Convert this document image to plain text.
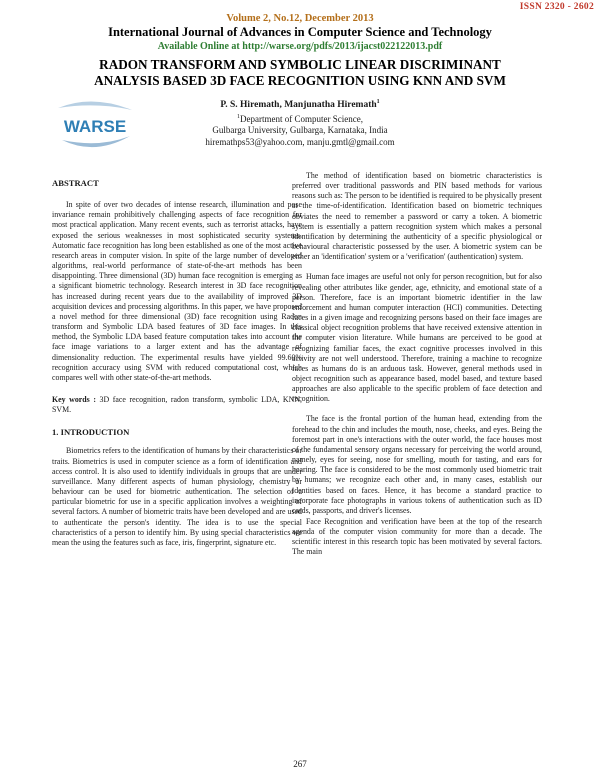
ISSN 2320 - 2602
Volume 2, No.12, December 2013
International Journal of Advances in Computer Science and Technology
Available Online at http://warse.org/pdfs/2013/ijacst022122013.pdf
RADON TRANSFORM AND SYMBOLIC LINEAR DISCRIMINANT
ANALYSIS BASED 3D FACE RECOGNITION USING KNN AND SVM
WARSE
P. S. Hiremath, Manjunatha Hiremath$^1$
$^1$Department of Computer Science,
Gulbarga University, Gulbarga, Karnataka, India
hiremathps53@yahoo.com, manju.gmtl@gmail.com
ABSTRACT

In spite of over two decades of intense research, illumination and pose invariance remain prohibitively challenging aspects of face recognition for most practical application. Many recent events, such as terrorist attacks, have exposed the serious weaknesses in most sophisticated security systems. Automatic face recognition has long been established as one of the most active research areas in computer vision. In spite of the large number of developed algorithms, real-world performance of state-of-the-art methods has been disappointing. Three dimensional (3D) human face recognition is emerging as a significant biometric technology. Research interest in 3D face recognition has increased during recent years due to the availability of improved 3D acquisition devices and processing algorithms. In this paper, we have proposed a novel method for three dimensional (3D) face recognition using Radon transform and Symbolic LDA based features of 3D face images. In this method, the Symbolic LDA based feature computation takes into account the face image variations to a larger extent and has the advantage of dimensionality reduction. The experimental results have yielded 99.60% recognition accuracy using SVM with reduced computational cost, which compares well with other state-of-the-art methods.

Key words : 3D face recognition, radon transform, symbolic LDA, KNN, SVM.

1. INTRODUCTION

Biometrics refers to the identification of humans by their characteristics or traits. Biometrics is used in computer science as a form of identification and access control. It is also used to identify individuals in groups that are under surveillance. Many different aspects of human physiology, chemistry or behaviour can be used for biometric authentication. The selection of a particular biometric for use in a specific application involves a weighting of several factors. A number of biometric traits have been developed and are used to authenticate the person's identity. The idea is to use the special characteristics of a person to identify him. By using special characteristics we mean the using the features such as face, iris, fingerprint, signature etc.

The method of identification based on biometric characteristics is preferred over traditional passwords and PIN based methods for various reasons such as: The person to be identified is required to be physically present at the time-of-identification. Identification based on biometric techniques obviates the need to remember a password or carry a token. A biometric system is essentially a pattern recognition system which makes a personal identification by determining the authenticity of a specific physiological or behavioural characteristic possessed by the user. A biometric system can be either an 'identification' system or a 'verification' (authentication) system.

Human face images are useful not only for person recognition, but for also revealing other attributes like gender, age, ethnicity, and emotional state of a person. Therefore, face is an important biometric identifier in the law enforcement and human computer interaction (HCI) communities. Detecting faces in a given image and recognizing persons based on their face images are classical object recognition problems that have received extensive attention in the computer vision literature. While humans are perceived to be good at recognizing familiar faces, the exact cognitive processes involved in this activity are not well understood. Therefore, training a machine to recognize faces as humans do is an arduous task. However, general methods used in object recognition such as appearance based, model based, and texture based approaches are also applicable to the specific problem of face detection and recognition.

The face is the frontal portion of the human head, extending from the forehead to the chin and includes the mouth, nose, cheeks, and eyes. Being the foremost part in one's interactions with the outer world, the face houses most of the fundamental sensory organs necessary for perceiving the world around, namely, eyes for seeing, nose for smelling, mouth for tasting, and ears for hearing. The face is considered to be the most commonly used biometric trait by humans; we recognize each other and, in many cases, establish our identities based on faces. Hence, it has become a standard practice to incorporate face photographs in various tokens of authentication such as ID cards, passports, and driver's licenses.

Face Recognition and verification have been at the top of the research agenda of the computer vision community for more than a decade. The scientific interest in this research topic has been motivated by several factors. The main

267
